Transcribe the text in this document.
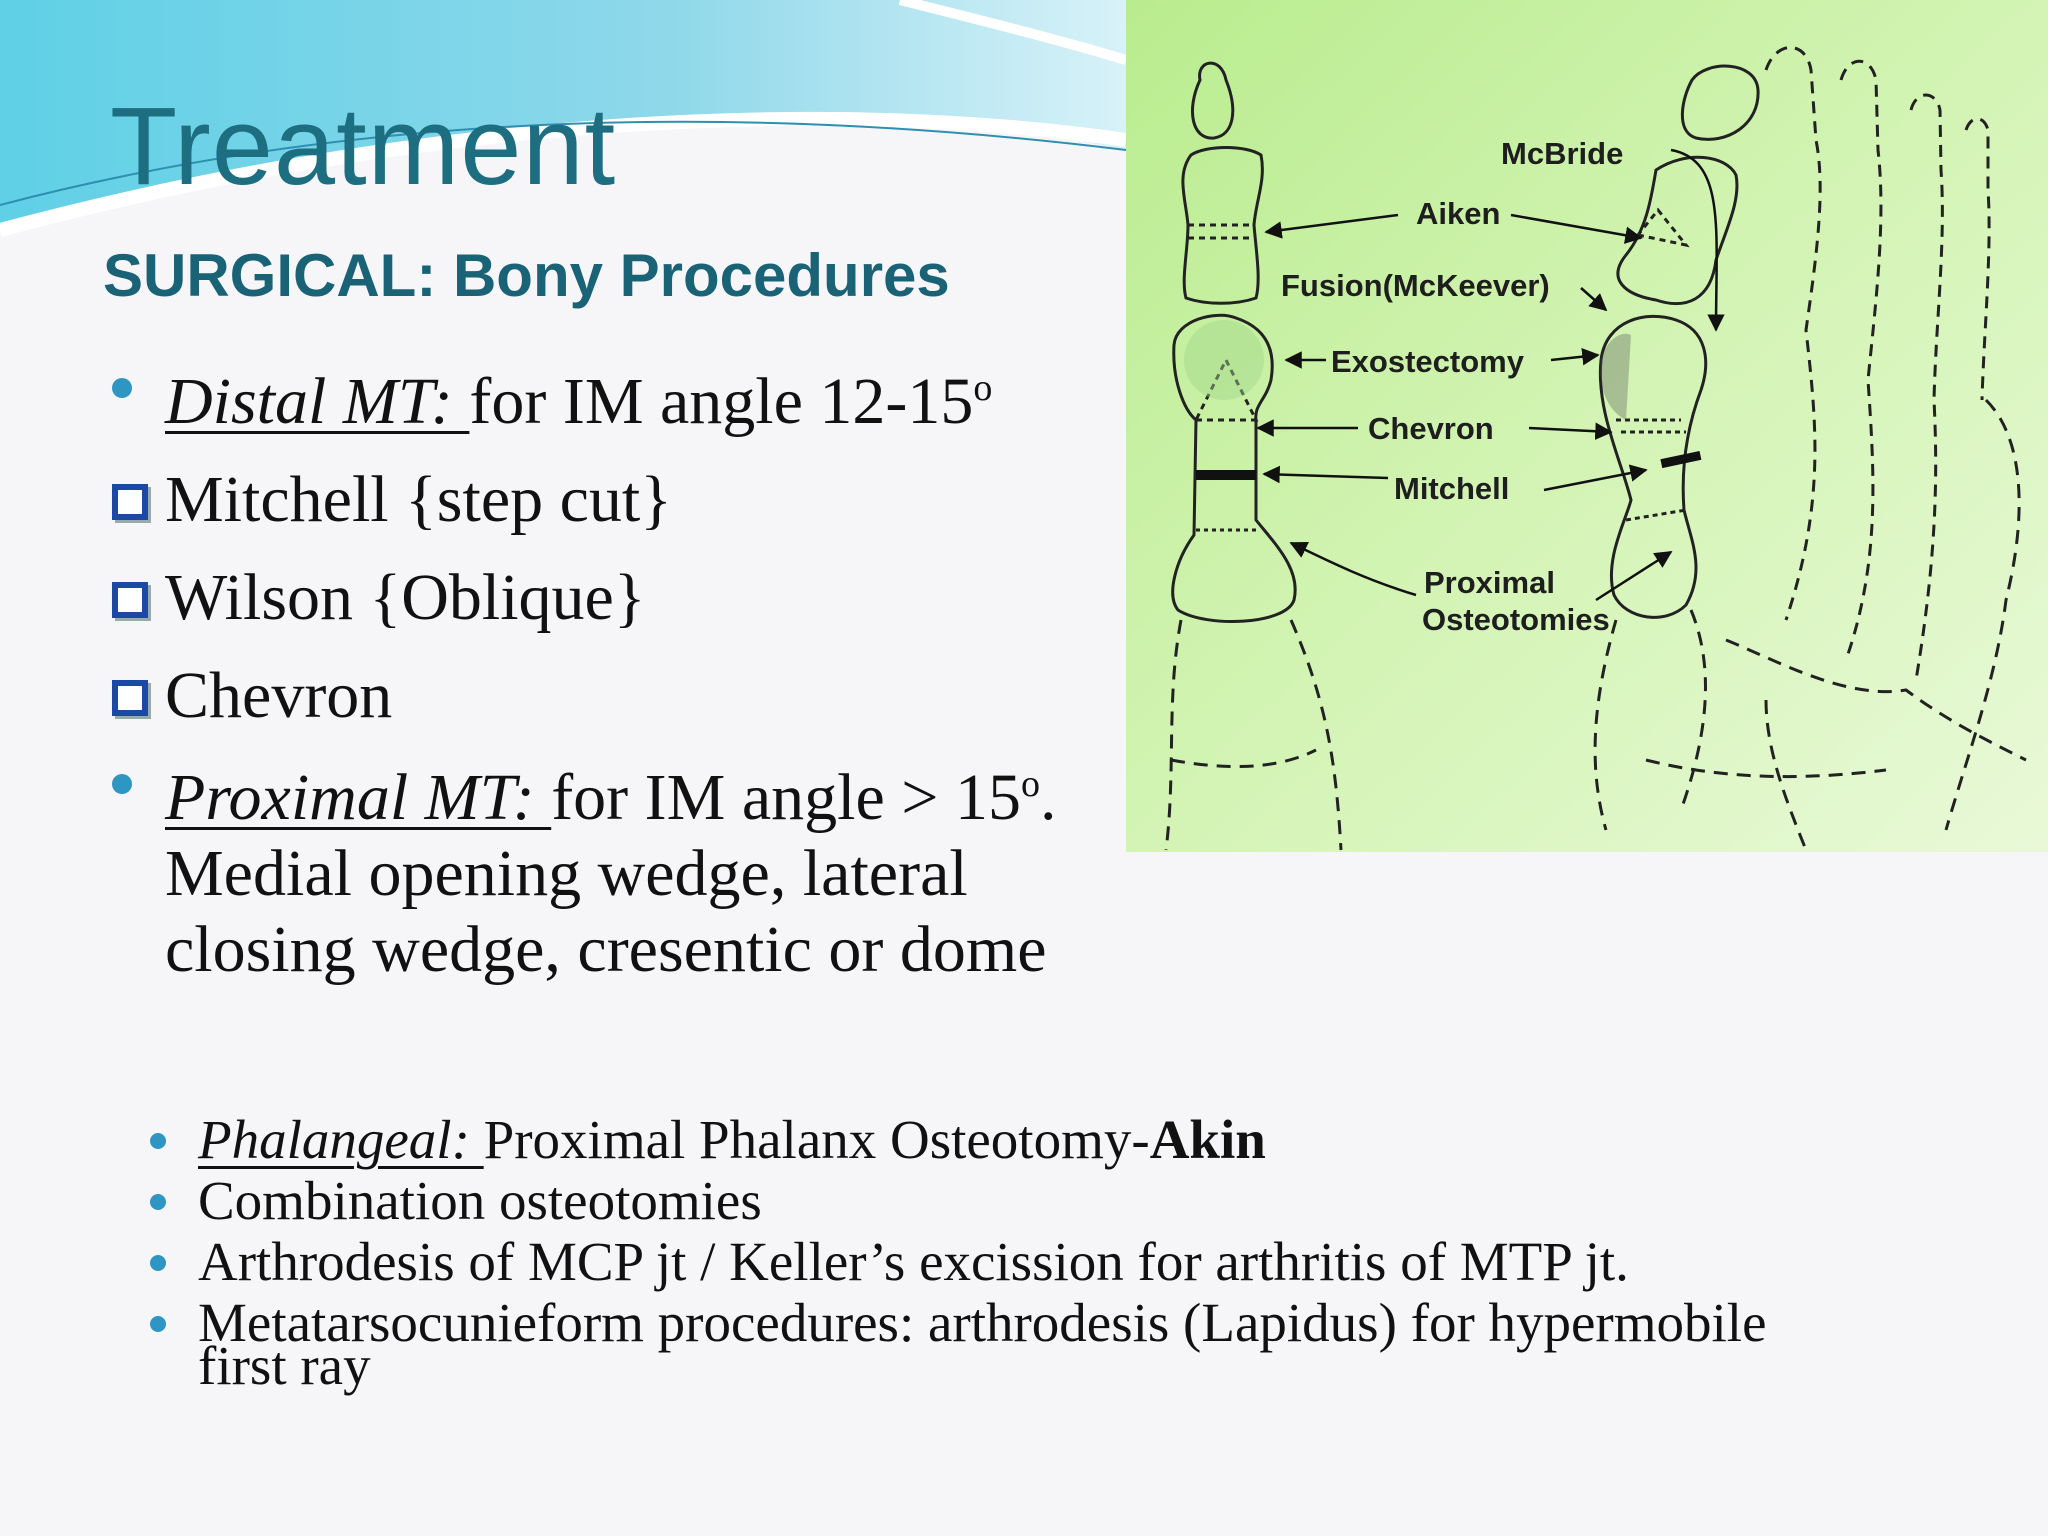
Treatment
SURGICAL: Bony Procedures
Distal MT: for IM angle 12-15$^o$
Mitchell {step cut}
Wilson {Oblique}
Chevron
Proximal MT: for IM angle > $15^o$.
Medial opening wedge, lateral
closing wedge, cresentic or dome
Phalangeal: Proximal Phalanx Osteotomy-Akin
Combination osteotomies
Arthrodesis of MCP jt / Keller’s excission for arthritis of MTP jt.
Metatarsocunieform procedures: arthrodesis (Lapidus) for hypermobile
first ray
McBride
Aiken
Fusion(McKeever)
Exostectomy
Chevron
Mitchell
Proximal
Osteotomies
